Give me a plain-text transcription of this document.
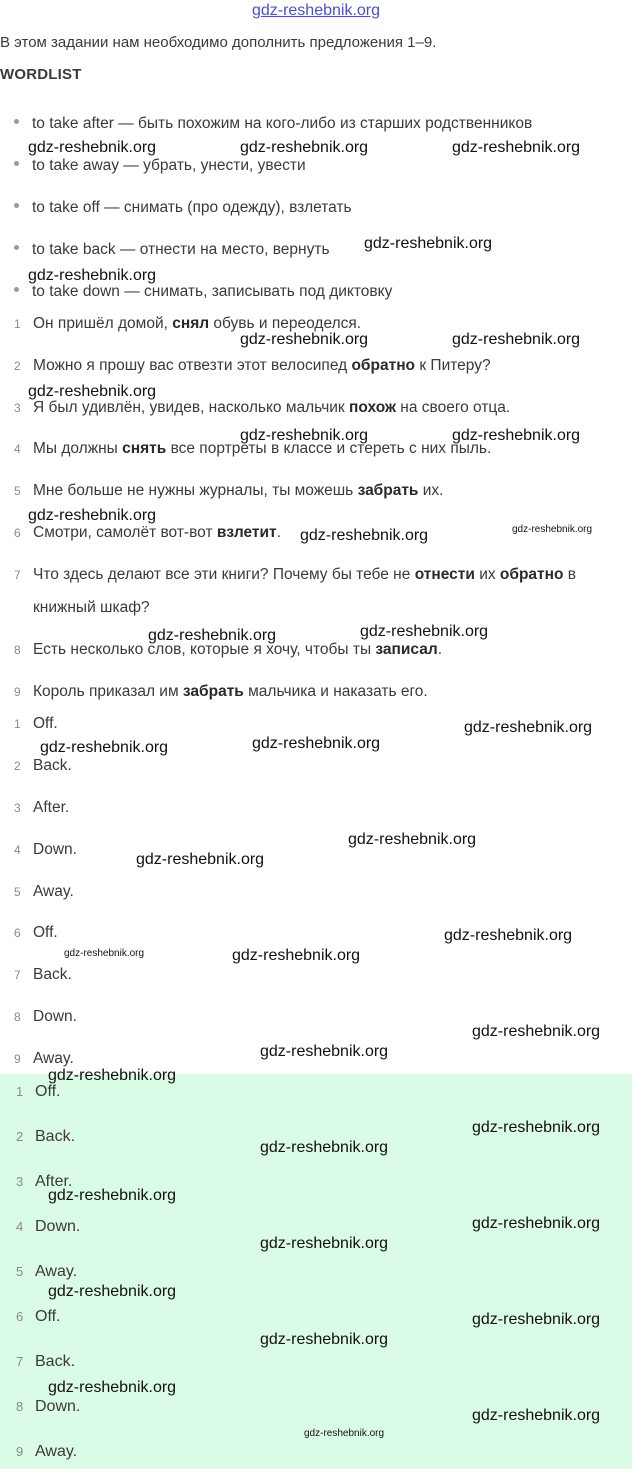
gdz-reshebnik.org
В этом задании нам необходимо дополнить предложения 1–9.
WORDLIST
to take after — быть похожим на кого-либо из старших родственников
to take away — убрать, унести, увести
to take off — снимать (про одежду), взлетать
to take back — отнести на место, вернуть
to take down — снимать, записывать под диктовку
1 Он пришёл домой, снял обувь и переоделся.
2 Можно я прошу вас отвезти этот велосипед обратно к Питеру?
3 Я был удивлён, увидев, насколько мальчик похож на своего отца.
4 Мы должны снять все портреты в классе и стереть с них пыль.
5 Мне больше не нужны журналы, ты можешь забрать их.
6 Смотри, самолёт вот-вот взлетит.
7 Что здесь делают все эти книги? Почему бы тебе не отнести их обратно в
книжный шкаф?
8 Есть несколько слов, которые я хочу, чтобы ты записал.
9 Король приказал им забрать мальчика и наказать его.
1 Off.
2 Back.
3 After.
4 Down.
5 Away.
6 Off.
7 Back.
8 Down.
9 Away.
1 Off.
2 Back.
3 After.
4 Down.
5 Away.
6 Off.
7 Back.
8 Down.
9 Away.
gdz-reshebnik.org	gdz-reshebnik.org	gdz-reshebnik.org
gdz-reshebnik.org
gdz-reshebnik.org
gdz-reshebnik.org	gdz-reshebnik.org
gdz-reshebnik.org
gdz-reshebnik.org	gdz-reshebnik.org
gdz-reshebnik.org
gdz-reshebnik.org	gdz-reshebnik.org
gdz-reshebnik.org
gdz-reshebnik.org
gdz-reshebnik.org
gdz-reshebnik.org	gdz-reshebnik.org
gdz-reshebnik.org
gdz-reshebnik.org
gdz-reshebnik.org
gdz-reshebnik.org	gdz-reshebnik.org
gdz-reshebnik.org
gdz-reshebnik.org
gdz-reshebnik.org
gdz-reshebnik.org
gdz-reshebnik.org
gdz-reshebnik.org
gdz-reshebnik.org
gdz-reshebnik.org
gdz-reshebnik.org
gdz-reshebnik.org
gdz-reshebnik.org
gdz-reshebnik.org
gdz-reshebnik.org
gdz-reshebnik.org
